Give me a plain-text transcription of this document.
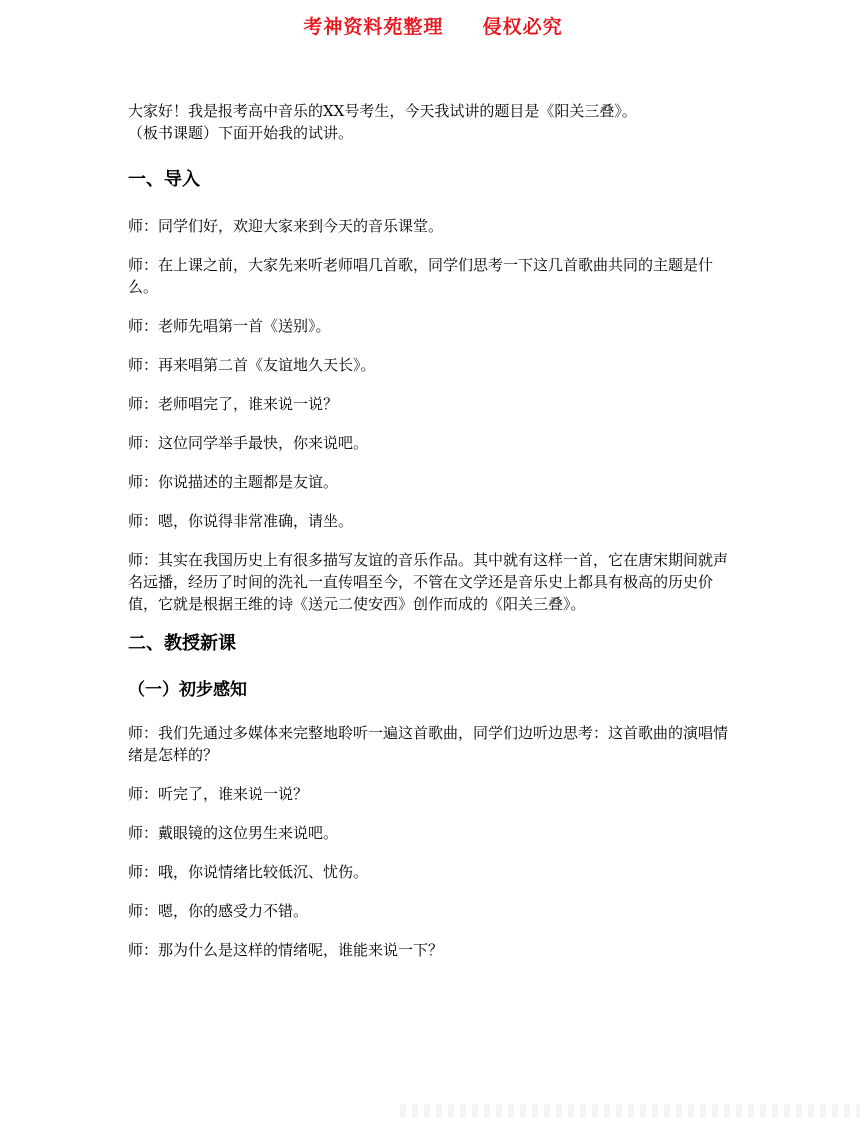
考神资料苑整理  侵权必究

大家好！我是报考高中音乐的XX号考生，今天我试讲的题目是《阳关三叠》。

（板书课题）下面开始我的试讲。

一、导入

师：同学们好，欢迎大家来到今天的音乐课堂。

师：在上课之前，大家先来听老师唱几首歌，同学们思考一下这几首歌曲共同的主题是什么。

师：老师先唱第一首《送别》。

师：再来唱第二首《友谊地久天长》。

师：老师唱完了，谁来说一说？

师：这位同学举手最快，你来说吧。

师：你说描述的主题都是友谊。

师：嗯，你说得非常准确，请坐。

师：其实在我国历史上有很多描写友谊的音乐作品。其中就有这样一首，它在唐宋期间就声名远播，经历了时间的洗礼一直传唱至今，不管在文学还是音乐史上都具有极高的历史价值，它就是根据王维的诗《送元二使安西》创作而成的《阳关三叠》。

二、教授新课
（一）初步感知

师：我们先通过多媒体来完整地聆听一遍这首歌曲，同学们边听边思考：这首歌曲的演唱情绪是怎样的？

师：听完了，谁来说一说？

师：戴眼镜的这位男生来说吧。

师：哦，你说情绪比较低沉、忧伤。

师：嗯，你的感受力不错。

师：那为什么是这样的情绪呢，谁能来说一下？
